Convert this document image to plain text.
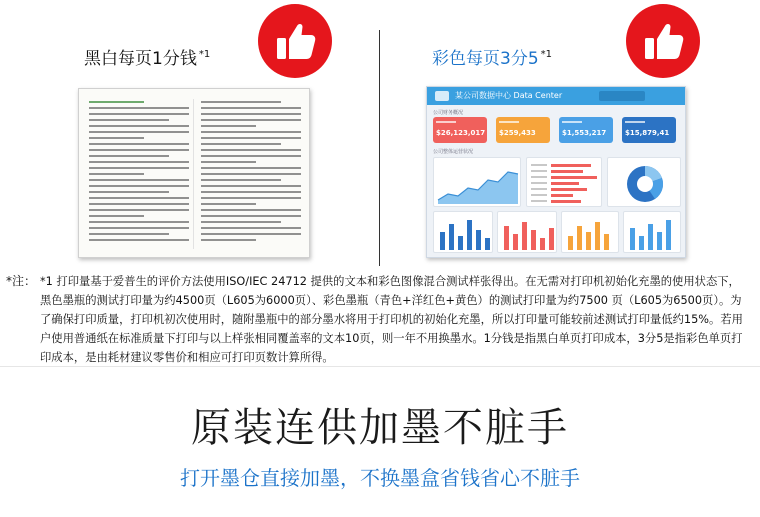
黑白每页1分钱 $^{*1}$	彩色每页3分5 $^{*1}$
某公司数据中心 Data Center
公司财务概况
$26,123,017 $259,433	$1,553,217	$15,879,41
公司整体运营状况
*注： *1 打印量基于爱普生的评价方法使用ISO/IEC 24712 提供的文本和彩色图像混合测试样张得出。在无需对打印机初始化充墨的使用状态下，黑色墨瓶的测试打印量为约4500页（L605为6000页）、彩色墨瓶（青色+洋红色+黄色）的测试打印量为约7500 页（L605为6500页）。为了确保打印质量，打印机初次使用时，随附墨瓶中的部分墨水将用于打印机的初始化充墨，所以打印量可能较前述测试打印量低约15%。若用户使用普通纸在标准质量下打印与以上样张相同覆盖率的文本10页，则一年不用换墨水。1分钱是指黑白单页打印成本，3分5是指彩色单页打印成本，是由耗材建议零售价和相应可打印页数计算所得。
原装连供加墨不脏手
打开墨仓直接加墨，不换墨盒省钱省心不脏手
